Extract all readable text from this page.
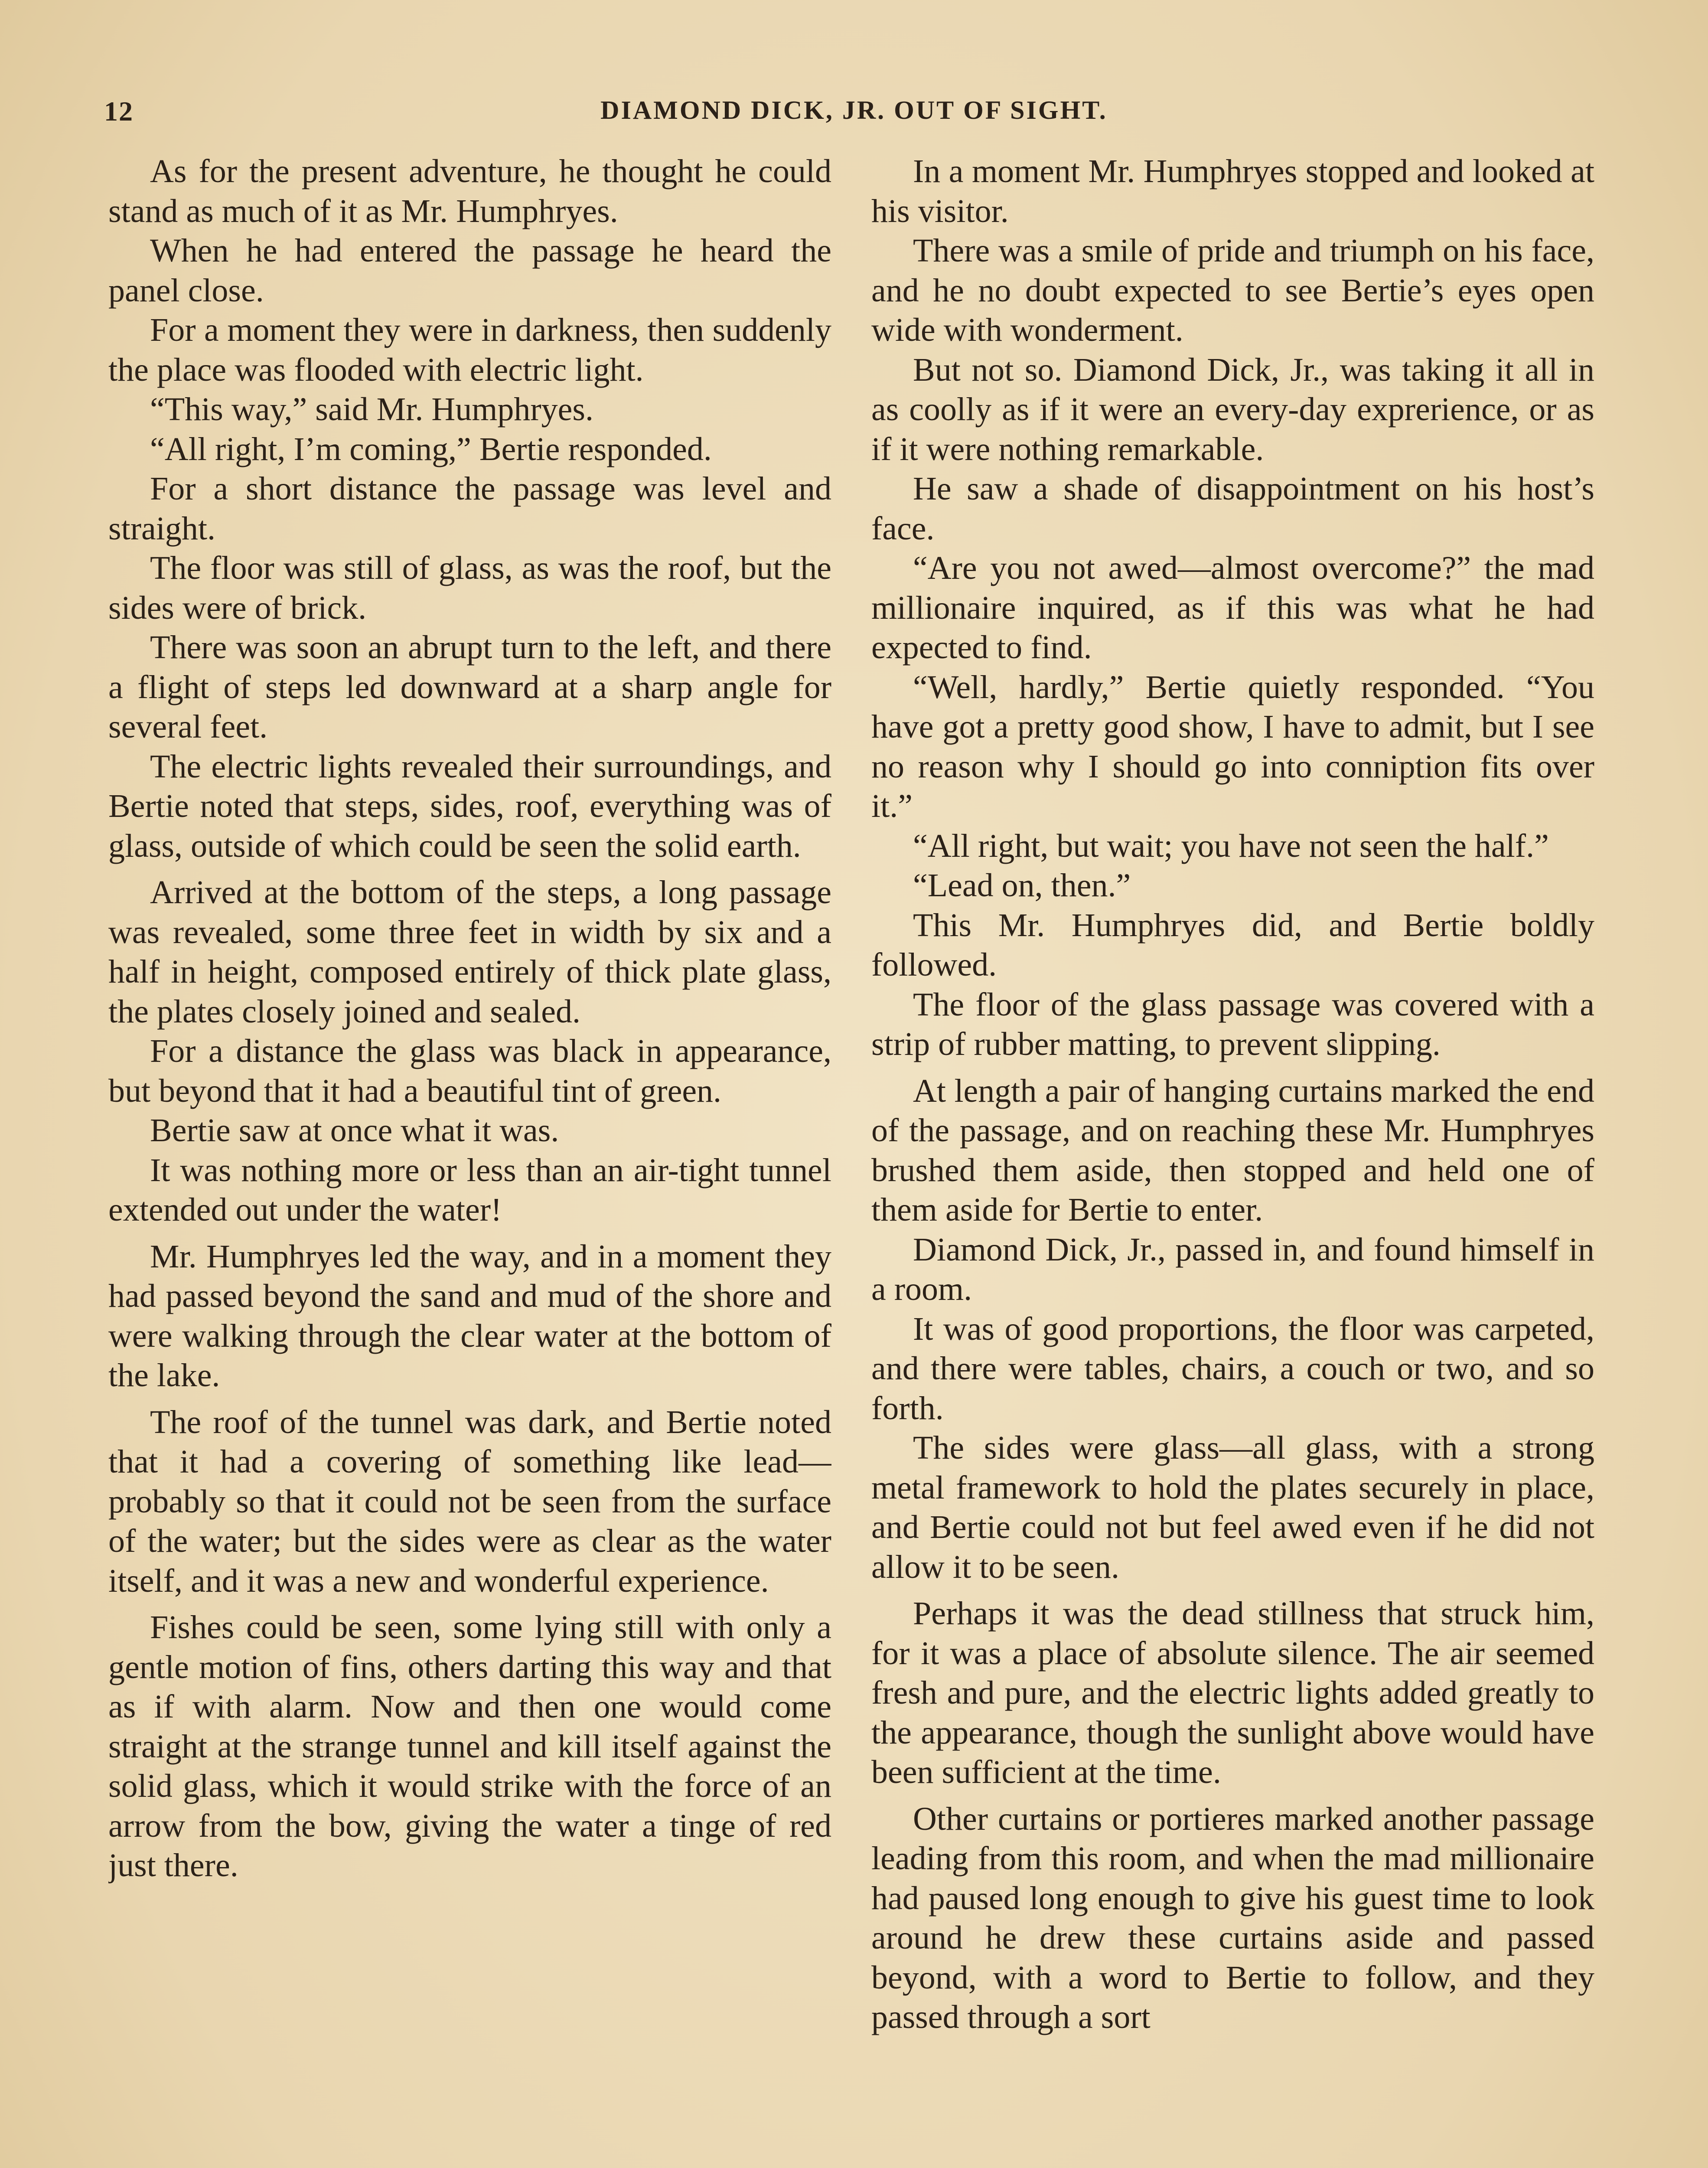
12	DIAMOND DICK, JR. OUT OF SIGHT.

As for the present adventure, he thought he could stand as much of it as Mr. Humphryes.

When he had entered the passage he heard the panel close.

For a moment they were in darkness, then suddenly the place was flooded with electric light.

“This way,” said Mr. Humphryes.

“All right, I’m coming,” Bertie responded.

For a short distance the passage was level and straight.

The floor was still of glass, as was the roof, but the sides were of brick.

There was soon an abrupt turn to the left, and there a flight of steps led downward at a sharp angle for several feet.

The electric lights revealed their surroundings, and Bertie noted that steps, sides, roof, everything was of glass, outside of which could be seen the solid earth.

Arrived at the bottom of the steps, a long passage was revealed, some three feet in width by six and a half in height, composed entirely of thick plate glass, the plates closely joined and sealed.

For a distance the glass was black in appearance, but beyond that it had a beautiful tint of green.

Bertie saw at once what it was.

It was nothing more or less than an air-tight tunnel extended out under the water!

Mr. Humphryes led the way, and in a moment they had passed beyond the sand and mud of the shore and were walking through the clear water at the bottom of the lake.

The roof of the tunnel was dark, and Bertie noted that it had a covering of something like lead—probably so that it could not be seen from the surface of the water; but the sides were as clear as the water itself, and it was a new and wonderful experience.

Fishes could be seen, some lying still with only a gentle motion of fins, others darting this way and that as if with alarm. Now and then one would come straight at the strange tunnel and kill itself against the solid glass, which it would strike with the force of an arrow from the bow, giving the water a tinge of red just there.

In a moment Mr. Humphryes stopped and looked at his visitor.

There was a smile of pride and triumph on his face, and he no doubt expected to see Bertie’s eyes open wide with wonderment.

But not so. Diamond Dick, Jr., was taking it all in as coolly as if it were an every-day exprerience, or as if it were nothing remarkable.

He saw a shade of disappointment on his host’s face.

“Are you not awed—almost overcome?” the mad millionaire inquired, as if this was what he had expected to find.

“Well, hardly,” Bertie quietly responded. “You have got a pretty good show, I have to admit, but I see no reason why I should go into conniption fits over it.”

“All right, but wait; you have not seen the half.”

“Lead on, then.”

This Mr. Humphryes did, and Bertie boldly followed.

The floor of the glass passage was covered with a strip of rubber matting, to prevent slipping.

At length a pair of hanging curtains marked the end of the passage, and on reaching these Mr. Humphryes brushed them aside, then stopped and held one of them aside for Bertie to enter.

Diamond Dick, Jr., passed in, and found himself in a room.

It was of good proportions, the floor was carpeted, and there were tables, chairs, a couch or two, and so forth.

The sides were glass—all glass, with a strong metal framework to hold the plates securely in place, and Bertie could not but feel awed even if he did not allow it to be seen.

Perhaps it was the dead stillness that struck him, for it was a place of absolute silence. The air seemed fresh and pure, and the electric lights added greatly to the appearance, though the sunlight above would have been sufficient at the time.

Other curtains or portieres marked another passage leading from this room, and when the mad millionaire had paused long enough to give his guest time to look around he drew these curtains aside and passed beyond, with a word to Bertie to follow, and they passed through a sort
